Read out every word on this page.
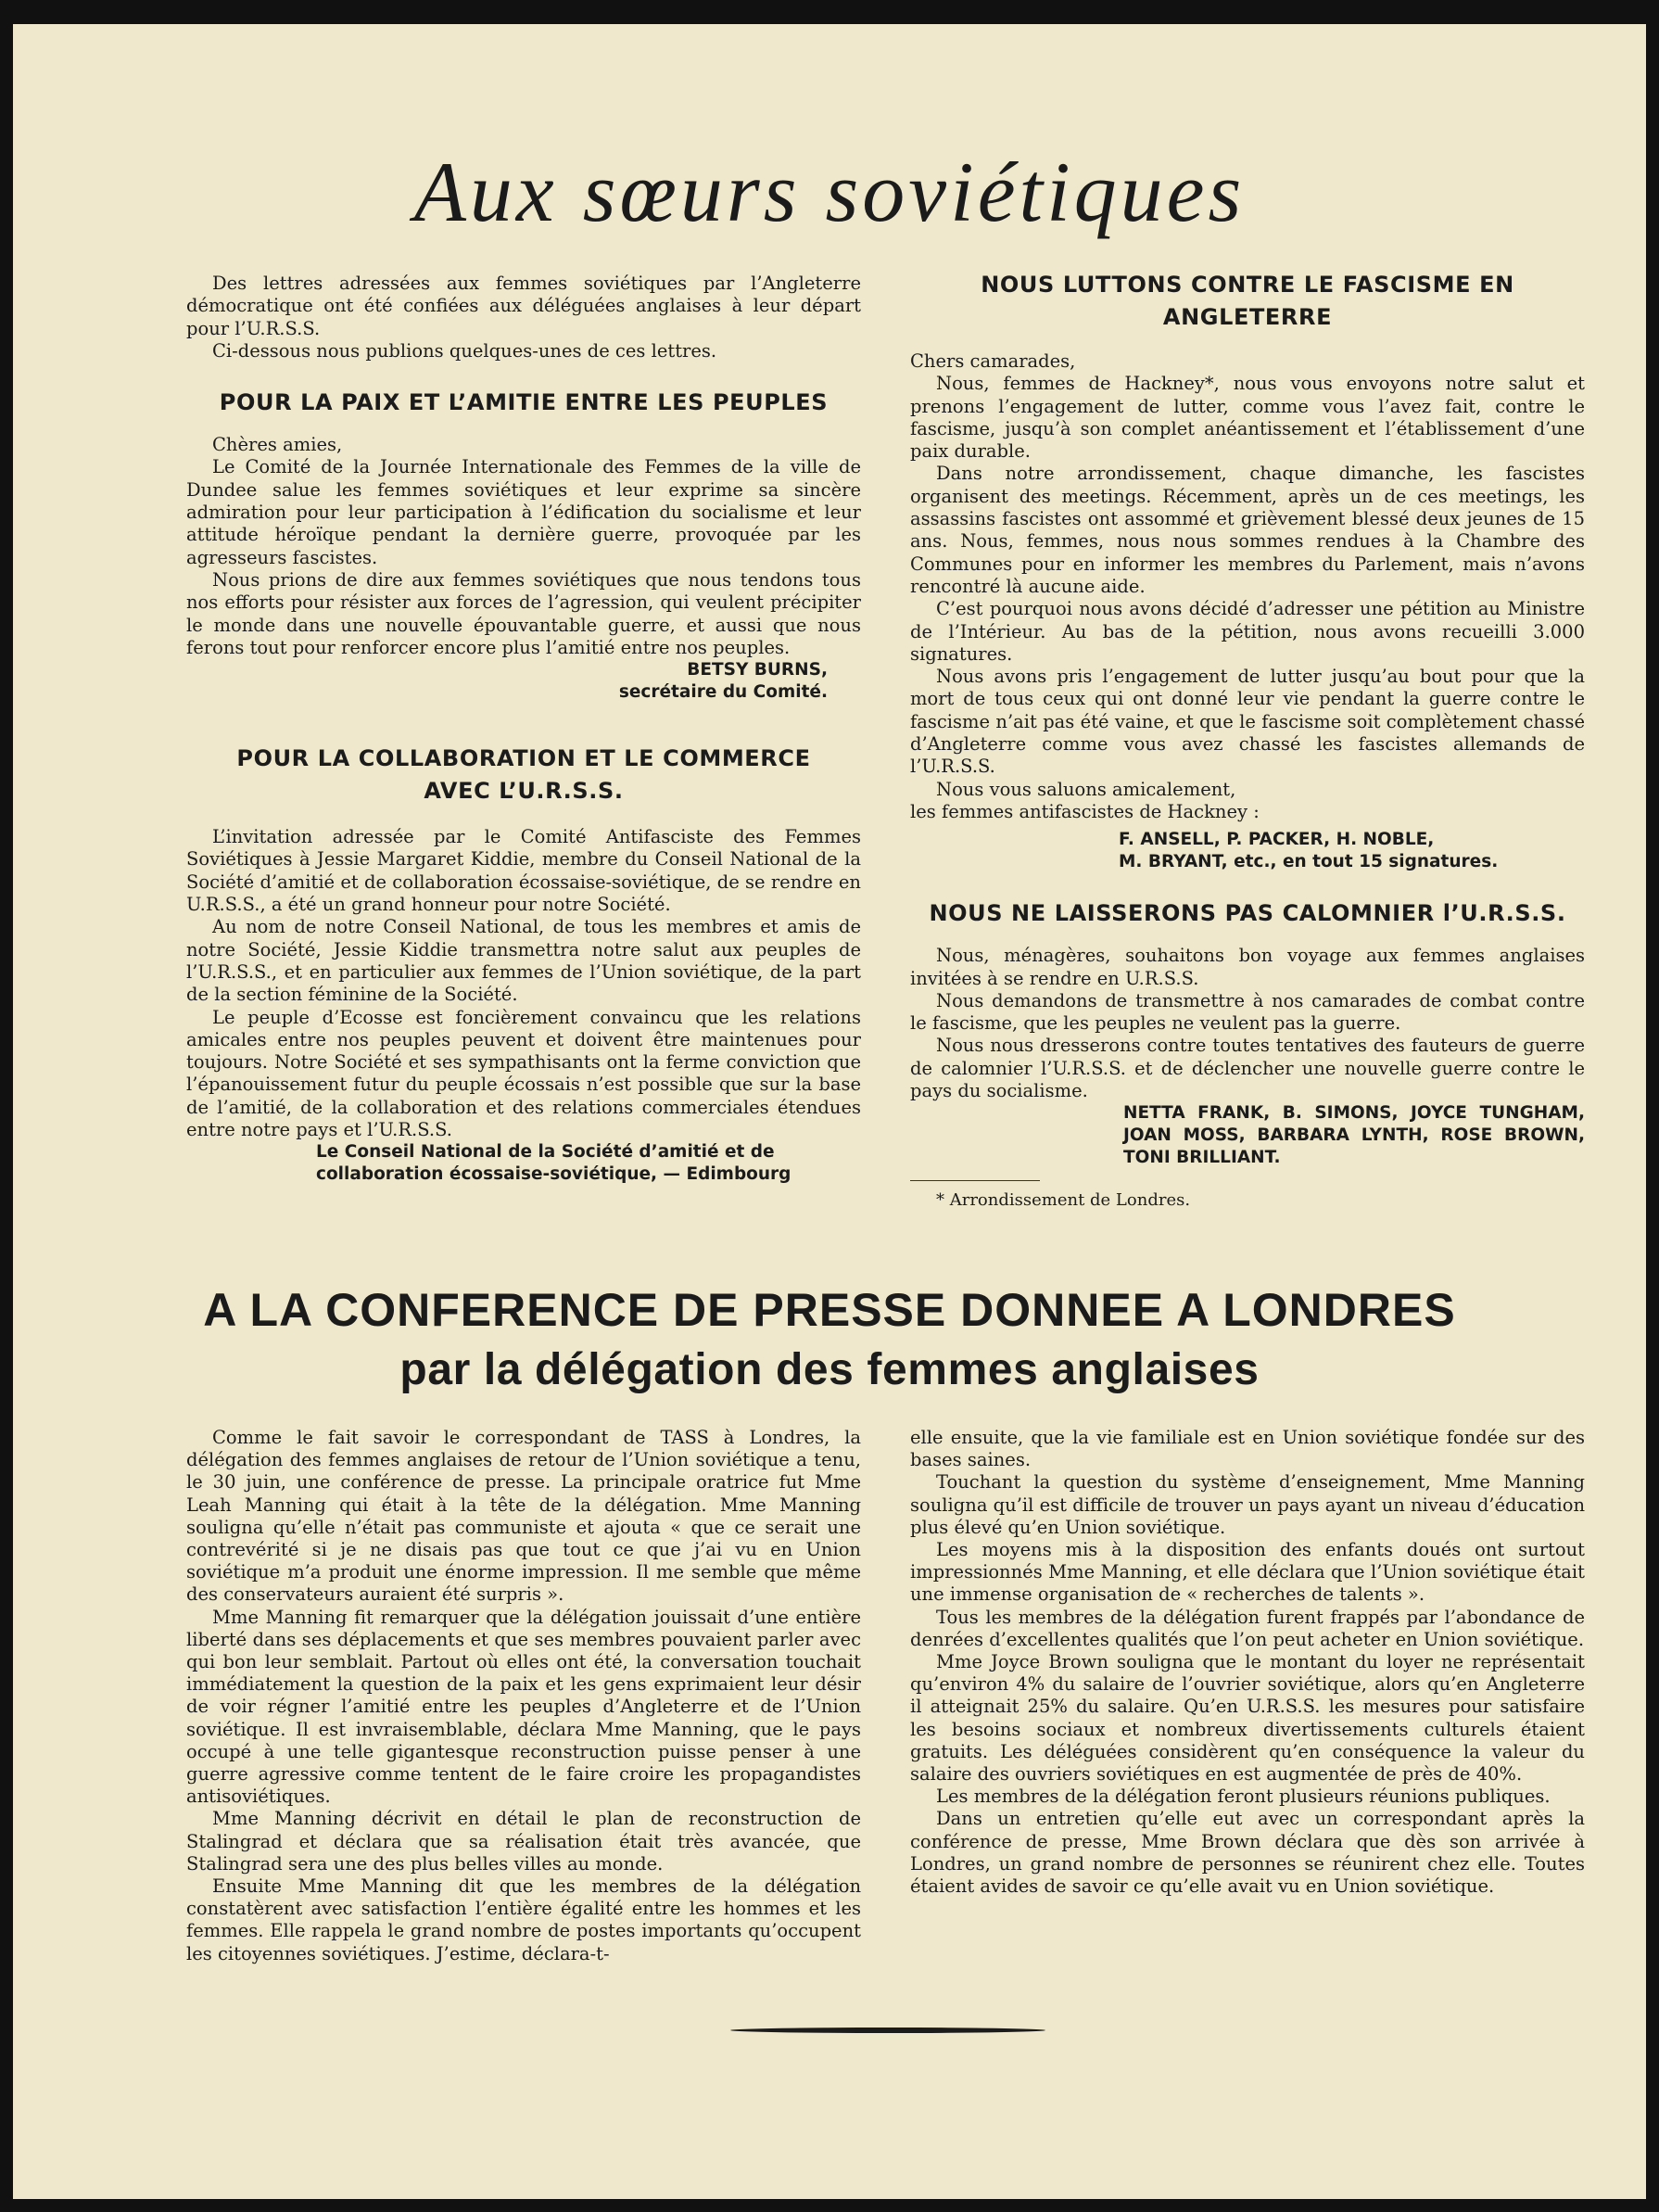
Aux sœurs soviétiques

Des lettres adressées aux femmes soviétiques par l’Angleterre démocratique ont été confiées aux déléguées anglaises à leur départ pour l’U.R.S.S.

Ci-dessous nous publions quelques-unes de ces lettres.

POUR LA PAIX ET L’AMITIE ENTRE LES PEUPLES

Chères amies,

Le Comité de la Journée Internationale des Femmes de la ville de Dundee salue les femmes soviétiques et leur exprime sa sincère admiration pour leur participation à l’édification du socialisme et leur attitude héroïque pendant la dernière guerre, provoquée par les agresseurs fascistes.

Nous prions de dire aux femmes soviétiques que nous tendons tous nos efforts pour résister aux forces de l’agression, qui veulent précipiter le monde dans une nouvelle épouvantable guerre, et aussi que nous ferons tout pour renforcer encore plus l’amitié entre nos peuples.

BETSY BURNS,
secrétaire du Comité.
POUR LA COLLABORATION ET LE COMMERCE
AVEC L’U.R.S.S.

L’invitation adressée par le Comité Antifasciste des Femmes Soviétiques à Jessie Margaret Kiddie, membre du Conseil National de la Société d’amitié et de collaboration écossaise-soviétique, de se rendre en U.R.S.S., a été un grand honneur pour notre Société.

Au nom de notre Conseil National, de tous les membres et amis de notre Société, Jessie Kiddie transmettra notre salut aux peuples de l’U.R.S.S., et en particulier aux femmes de l’Union soviétique, de la part de la section féminine de la Société.

Le peuple d’Ecosse est foncièrement convaincu que les relations amicales entre nos peuples peuvent et doivent être maintenues pour toujours. Notre Société et ses sympathisants ont la ferme conviction que l’épanouissement futur du peuple écossais n’est possible que sur la base de l’amitié, de la collaboration et des relations commerciales étendues entre notre pays et l’U.R.S.S.

Le Conseil National de la Société d’amitié et de
collaboration écossaise-soviétique, — Edimbourg
NOUS LUTTONS CONTRE LE FASCISME EN
ANGLETERRE

Chers camarades,

Nous, femmes de Hackney*, nous vous envoyons notre salut et prenons l’engagement de lutter, comme vous l’avez fait, contre le fascisme, jusqu’à son complet anéantissement et l’établissement d’une paix durable.

Dans notre arrondissement, chaque dimanche, les fascistes organisent des meetings. Récemment, après un de ces meetings, les assassins fascistes ont assommé et grièvement blessé deux jeunes de 15 ans. Nous, femmes, nous nous sommes rendues à la Chambre des Communes pour en informer les membres du Parlement, mais n’avons rencontré là aucune aide.

C’est pourquoi nous avons décidé d’adresser une pétition au Ministre de l’Intérieur. Au bas de la pétition, nous avons recueilli 3.000 signatures.

Nous avons pris l’engagement de lutter jusqu’au bout pour que la mort de tous ceux qui ont donné leur vie pendant la guerre contre le fascisme n’ait pas été vaine, et que le fascisme soit complètement chassé d’Angleterre comme vous avez chassé les fascistes allemands de l’U.R.S.S.

Nous vous saluons amicalement,

les femmes antifascistes de Hackney :

F. ANSELL, P. PACKER, H. NOBLE,
M. BRYANT, etc., en tout 15 signatures.
NOUS NE LAISSERONS PAS CALOMNIER l’U.R.S.S.

Nous, ménagères, souhaitons bon voyage aux femmes anglaises invitées à se rendre en U.R.S.S.

Nous demandons de transmettre à nos camarades de combat contre le fascisme, que les peuples ne veulent pas la guerre.

Nous nous dresserons contre toutes tentatives des fauteurs de guerre de calomnier l’U.R.S.S. et de déclencher une nouvelle guerre contre le pays du socialisme.

NETTA FRANK, B. SIMONS, JOYCE TUNGHAM, JOAN MOSS, BARBARA LYNTH, ROSE BROWN, TONI BRILLIANT.

* Arrondissement de Londres.

A LA CONFERENCE DE PRESSE DONNEE A LONDRES
par la délégation des femmes anglaises

Comme le fait savoir le correspondant de TASS à Londres, la délégation des femmes anglaises de retour de l’Union soviétique a tenu, le 30 juin, une conférence de presse. La principale oratrice fut Mme Leah Manning qui était à la tête de la délégation. Mme Manning souligna qu’elle n’était pas communiste et ajouta « que ce serait une contrevérité si je ne disais pas que tout ce que j’ai vu en Union soviétique m’a produit une énorme impression. Il me semble que même des conservateurs auraient été surpris ».

Mme Manning fit remarquer que la délégation jouissait d’une entière liberté dans ses déplacements et que ses membres pouvaient parler avec qui bon leur semblait. Partout où elles ont été, la conversation touchait immédiatement la question de la paix et les gens exprimaient leur désir de voir régner l’amitié entre les peuples d’Angleterre et de l’Union soviétique. Il est invraisemblable, déclara Mme Manning, que le pays occupé à une telle gigantesque reconstruction puisse penser à une guerre agressive comme tentent de le faire croire les propagandistes antisoviétiques.

Mme Manning décrivit en détail le plan de reconstruction de Stalingrad et déclara que sa réalisation était très avancée, que Stalingrad sera une des plus belles villes au monde.

Ensuite Mme Manning dit que les membres de la délégation constatèrent avec satisfaction l’entière égalité entre les hommes et les femmes. Elle rappela le grand nombre de postes importants qu’occupent les citoyennes soviétiques. J’estime, déclara-t-

elle ensuite, que la vie familiale est en Union soviétique fondée sur des bases saines.

Touchant la question du système d’enseignement, Mme Manning souligna qu’il est difficile de trouver un pays ayant un niveau d’éducation plus élevé qu’en Union soviétique.

Les moyens mis à la disposition des enfants doués ont surtout impressionnés Mme Manning, et elle déclara que l’Union soviétique était une immense organisation de « recherches de talents ».

Tous les membres de la délégation furent frappés par l’abondance de denrées d’excellentes qualités que l’on peut acheter en Union soviétique.

Mme Joyce Brown souligna que le montant du loyer ne représentait qu’environ 4% du salaire de l’ouvrier soviétique, alors qu’en Angleterre il atteignait 25% du salaire. Qu’en U.R.S.S. les mesures pour satisfaire les besoins sociaux et nombreux divertissements culturels étaient gratuits. Les déléguées considèrent qu’en conséquence la valeur du salaire des ouvriers soviétiques en est augmentée de près de 40%.

Les membres de la délégation feront plusieurs réunions publiques.

Dans un entretien qu’elle eut avec un correspondant après la conférence de presse, Mme Brown déclara que dès son arrivée à Londres, un grand nombre de personnes se réunirent chez elle. Toutes étaient avides de savoir ce qu’elle avait vu en Union soviétique.
